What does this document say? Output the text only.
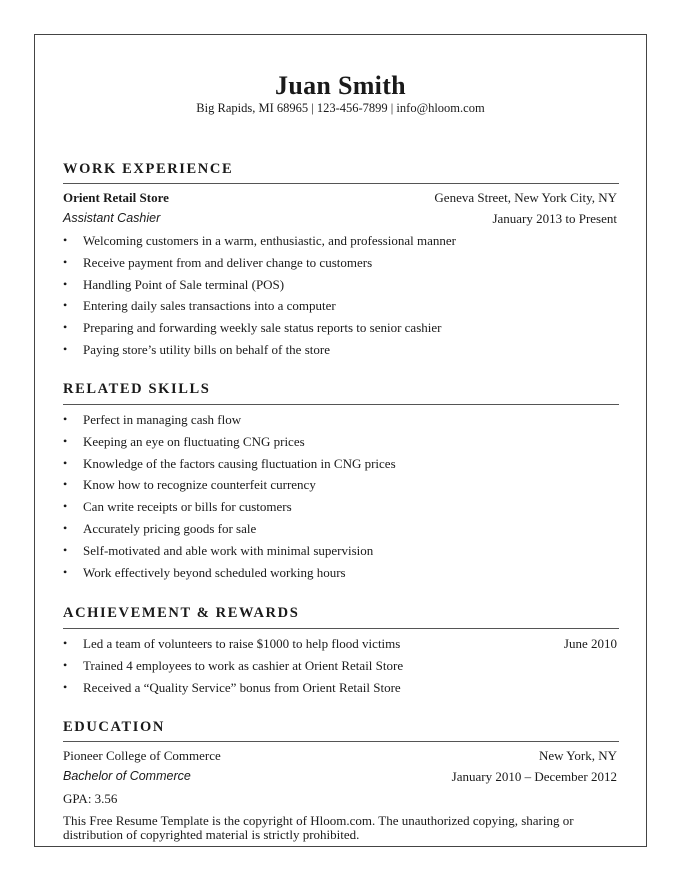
Juan Smith
Big Rapids, MI 68965 | 123-456-7899 | info@hloom.com
WORK EXPERIENCE
Orient Retail Store	Geneva Street, New York City, NY
Assistant Cashier	January 2013 to Present
• Welcoming customers in a warm, enthusiastic, and professional manner
• Receive payment from and deliver change to customers
• Handling Point of Sale terminal (POS)
• Entering daily sales transactions into a computer
• Preparing and forwarding weekly sale status reports to senior cashier
• Paying store’s utility bills on behalf of the store
RELATED SKILLS
• Perfect in managing cash flow
• Keeping an eye on fluctuating CNG prices
• Knowledge of the factors causing fluctuation in CNG prices
• Know how to recognize counterfeit currency
• Can write receipts or bills for customers
• Accurately pricing goods for sale
• Self-motivated and able work with minimal supervision
• Work effectively beyond scheduled working hours
ACHIEVEMENT & REWARDS
• Led a team of volunteers to raise $1000 to help flood victims	June 2010
• Trained 4 employees to work as cashier at Orient Retail Store
• Received a “Quality Service” bonus from Orient Retail Store
EDUCATION
Pioneer College of Commerce	New York, NY
Bachelor of Commerce	January 2010 – December 2012
GPA: 3.56
This Free Resume Template is the copyright of Hloom.com. The unauthorized copying, sharing or distribution of copyrighted material is strictly prohibited.
